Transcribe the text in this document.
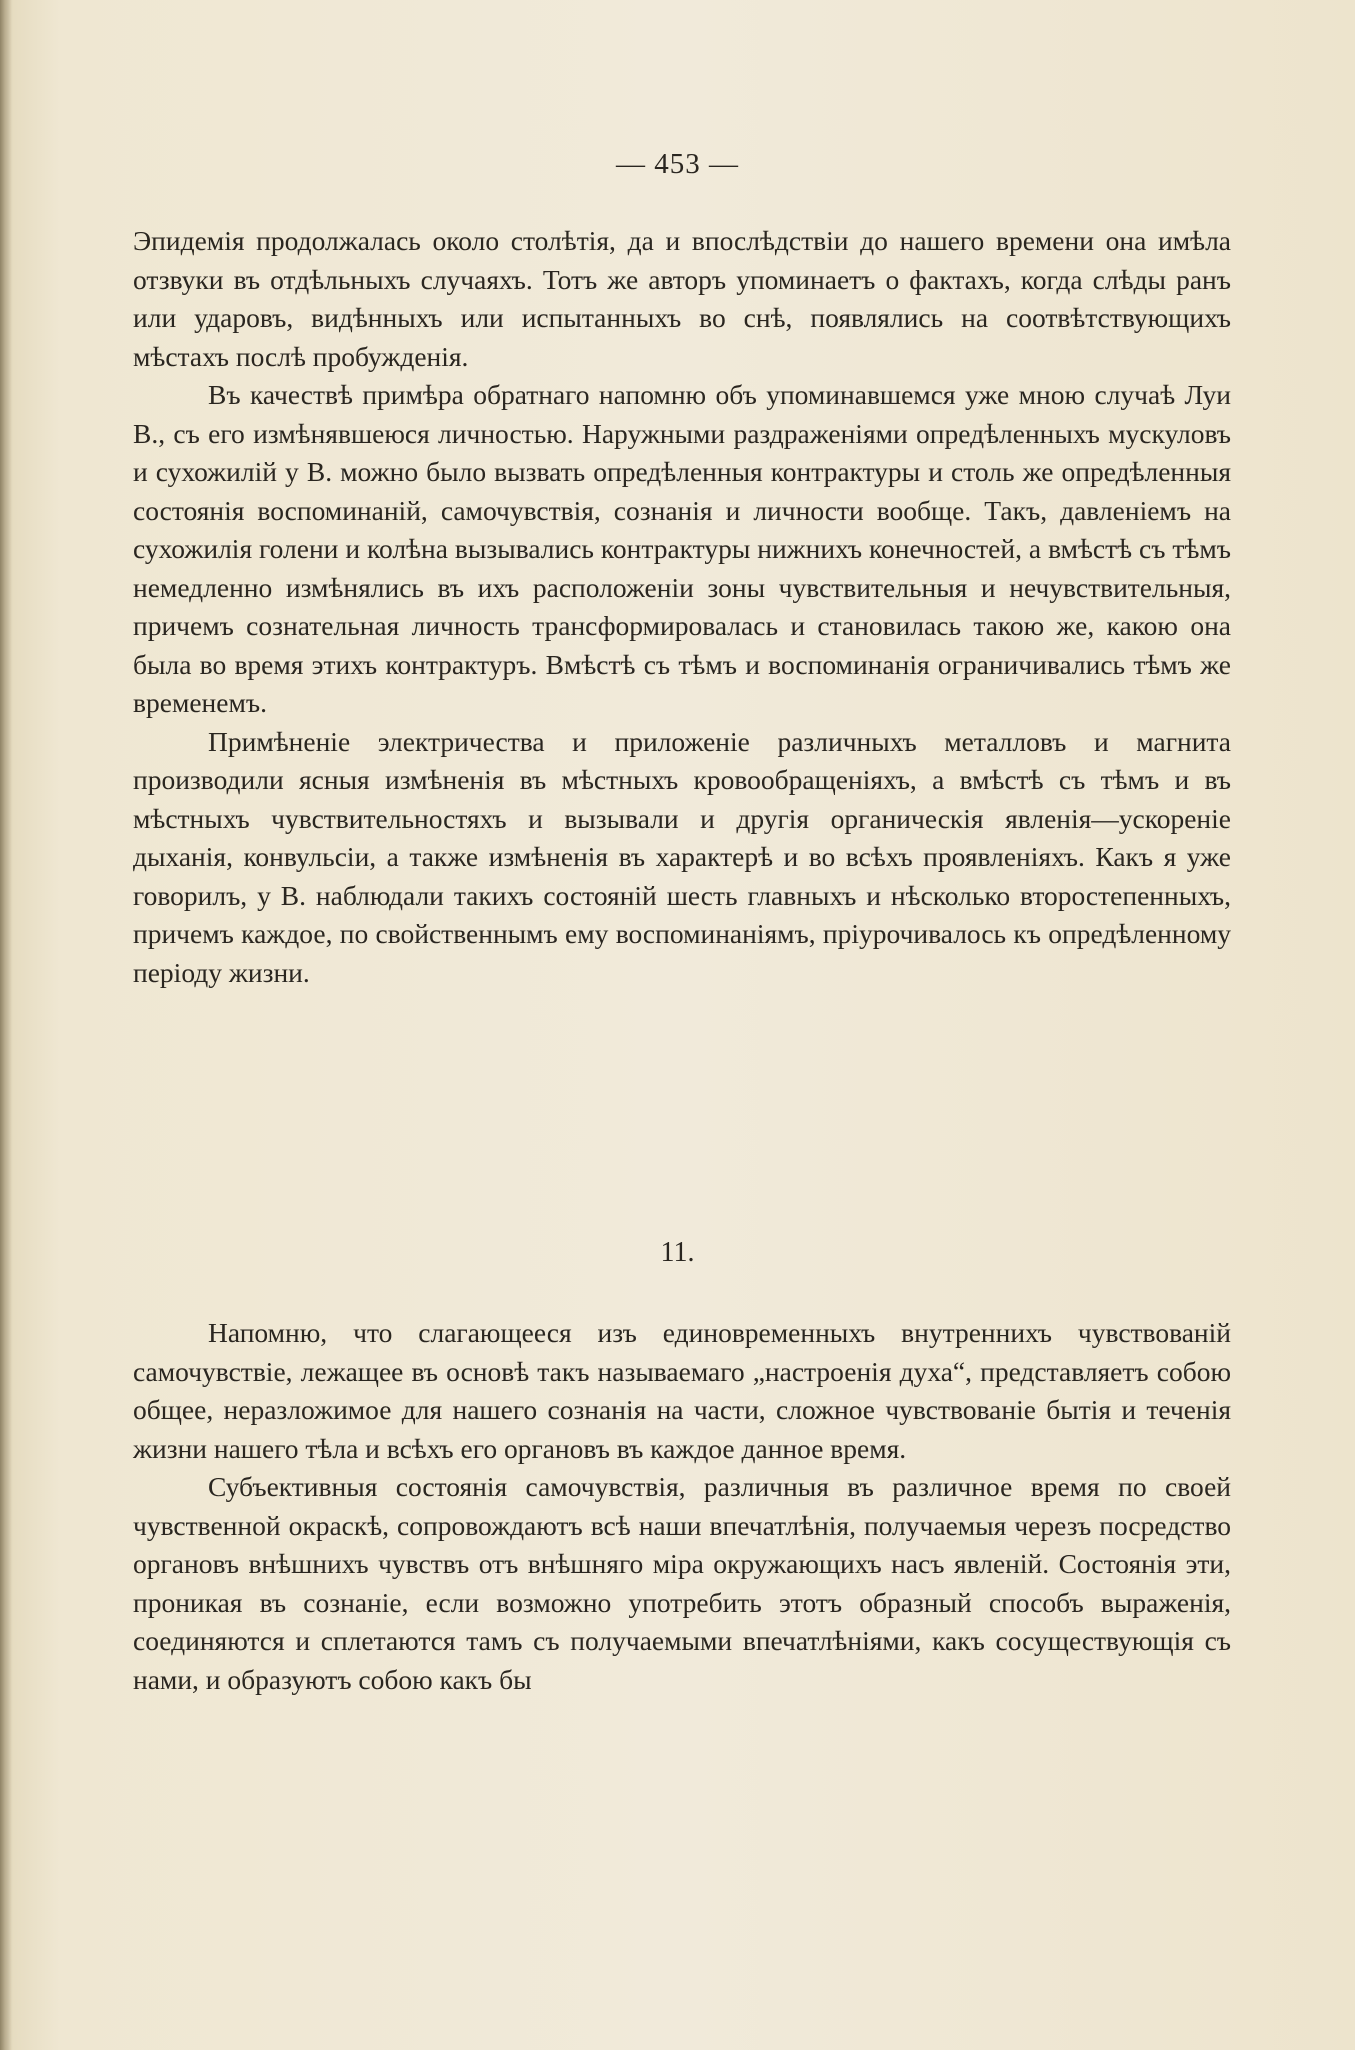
— 453 —

Эпидемія продолжалась около столѣтія, да и впослѣдствіи до нашего времени она имѣла отзвуки въ отдѣльныхъ случаяхъ. Тотъ же авторъ упоминаетъ о фактахъ, когда слѣды ранъ или ударовъ, видѣнныхъ или испытанныхъ во снѣ, появлялись на соотвѣтствующихъ мѣстахъ послѣ пробужденія.

Въ качествѣ примѣра обратнаго напомню объ упоминавшемся уже мною случаѣ Луи В., съ его измѣнявшеюся личностью. Наружными раздраженіями опредѣленныхъ мускуловъ и сухожилій у В. можно было вызвать опредѣленныя контрактуры и столь же опредѣленныя состоянія воспоминаній, самочувствія, сознанія и личности вообще. Такъ, давленіемъ на сухожилія голени и колѣна вызывались контрактуры нижнихъ конечностей, а вмѣстѣ съ тѣмъ немедленно измѣнялись въ ихъ расположеніи зоны чувствительныя и нечувствительныя, причемъ сознательная личность трансформировалась и становилась такою же, какою она была во время этихъ контрактуръ. Вмѣстѣ съ тѣмъ и воспоминанія ограничивались тѣмъ же временемъ.

Примѣненіе электричества и приложеніе различныхъ металловъ и магнита производили ясныя измѣненія въ мѣстныхъ кровообращеніяхъ, а вмѣстѣ съ тѣмъ и въ мѣстныхъ чувствительностяхъ и вызывали и другія органическія явленія—ускореніе дыханія, конвульсіи, а также измѣненія въ характерѣ и во всѣхъ проявленіяхъ. Какъ я уже говорилъ, у В. наблюдали такихъ состояній шесть главныхъ и нѣсколько второстепенныхъ, причемъ каждое, по свойственнымъ ему воспоминаніямъ, пріурочивалось къ опредѣленному періоду жизни.

11.

Напомню, что слагающееся изъ единовременныхъ внутреннихъ чувствованій самочувствіе, лежащее въ основѣ такъ называемаго „настроенія духа“, представляетъ собою общее, неразложимое для нашего сознанія на части, сложное чувствованіе бытія и теченія жизни нашего тѣла и всѣхъ его органовъ въ каждое данное время.

Субъективныя состоянія самочувствія, различныя въ различное время по своей чувственной окраскѣ, сопровождаютъ всѣ наши впечатлѣнія, получаемыя черезъ посредство органовъ внѣшнихъ чувствъ отъ внѣшняго міра окружающихъ насъ явленій. Состоянія эти, проникая въ сознаніе, если возможно употребить этотъ образный способъ выраженія, соединяются и сплетаются тамъ съ получаемыми впечатлѣніями, какъ сосуществующія съ нами, и образуютъ собою какъ бы
